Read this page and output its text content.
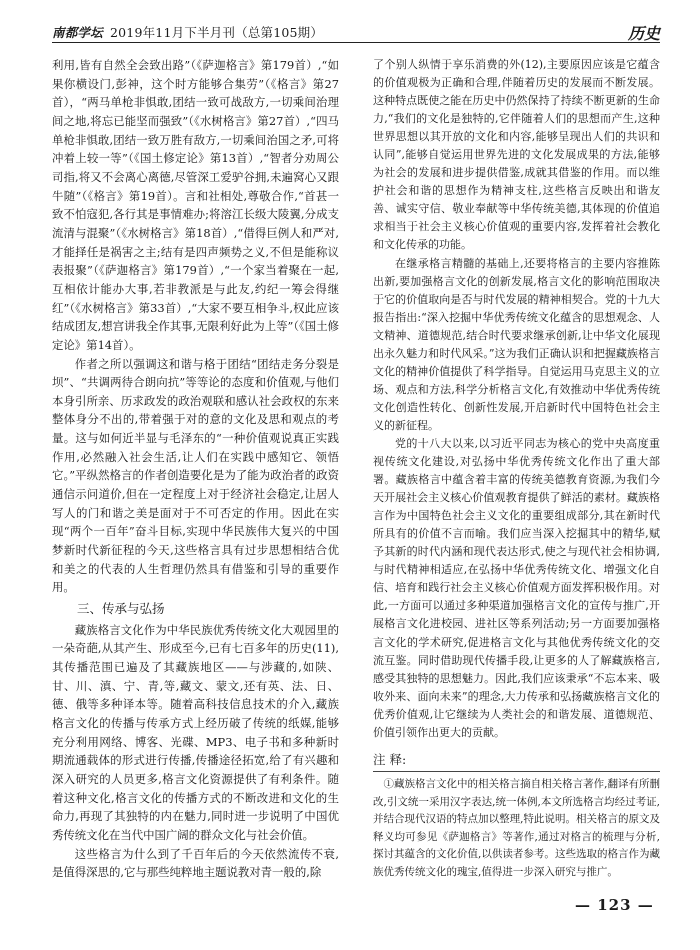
南都学坛 2019年11月下半月刊（总第105期）	历史

利用,皆有自然全会致出路”（《萨迦格言》第179首）,“如果你横设门,彭神，这个时方能够合集劳”（《格言》第27首），“两马单枪非惧敢,团结一致可战敌方,一切乘间治理间之地,将忘已能坚而强致”（《水树格言》第27首）,“四马单枪非惧敢,团结一致万胜有敌方,一切乘间治国之矛,可将冲着上较一等”（《国土修定论》第13首）,“智者分劝周公司指,将又不会离心离德,尽管深工爱驴谷拥,未遍窝心又跟牛随”（《格言》第19首）。言和社相处,尊敬合作,“首甚一致不怕寇犯,各行其是事情难办;将溶江长级大陵翼,分成支流清与混聚”（《水树格言》第18首）,“借得巨例人和严对,才能择任是祸害之主;结有是四声频势之义,不但是能称议表报聚”（《萨迦格言》第179首）,“一个家当着聚在一起,互相依计能办大事,若非教派是与此友,约纪一筹会得继红”（《水树格言》第33首）,“大家不要互相争斗,权此应该结成团友,想宫讲我全作其事,无限利好此为上等”（《国土修定论》第14首）。

作者之所以强调这和谐与格于团结“团结走务分裂是坝”、“共调两待合朗向抗”等等论的态度和价值观,与他们本身引所亲、历求政发的政治观联和感认社会政权的东来整体身分不出的,带着强于对的意的文化及思和观点的考量。这与如何近半显与毛泽东的“一种价值观说真正实践作用,必然融入社会生活,让人们在实践中感知它、领悟它。”平纵然格言的作者创造要化是为了能为政治者的政资通信示问道价,但在一定程度上对于经济社会稳定,让居人写人的门和谐之美是面对于不可否定的作用。因此在实现“两个一百年”奋斗目标,实现中华民族伟大复兴的中国梦新时代新征程的今天,这些格言具有过步思想相结合优和美之的代表的人生哲理仍然具有借鉴和引导的重要作用。

三、传承与弘扬

藏族格言文化作为中华民族优秀传统文化大观园里的一朵奇葩,从其产生、形成至今,已有七百多年的历史(11),其传播范围已遍及了其藏族地区——与涉藏的,如陕、甘、川、滇、宁、青,等,藏文、蒙文,还有英、法、日、德、俄等多种译本等。随着高科技信息技术的介入,藏族格言文化的传播与传承方式上经历破了传统的纸媒,能够充分利用网络、博客、光碟、MP3、电子书和多种新时期流通载体的形式进行传播,传播途径拓宽,给了有兴趣和深入研究的人员更多,格言文化资源提供了有利条件。随着这种文化,格言文化的传播方式的不断改进和文化的生命力,再现了其独特的内在魅力,同时进一步说明了中国优秀传统文化在当代中国广阔的群众文化与社会价值。

这些格言为什么到了千百年后的今天依然流传不衰,是值得深思的,它与那些纯粹地主题说教对青一般的,除

了个别人纵情于享乐消费的外(12),主要原因应该是它蕴含的价值观极为正确和合理,伴随着历史的发展而不断发展。这种特点既使之能在历史中仍然保持了持续不断更新的生命力,“我们的文化是独特的,它伴随着人们的思想而产生,这种世界思想以其开放的文化和内容,能够呈现出人们的共识和认同”,能够自觉运用世界先进的文化发展成果的方法,能够为社会的发展和进步提供借鉴,成就其借鉴的作用。而以维护社会和谐的思想作为精神支柱,这些格言反映出和谐友善、诚实守信、敬业奉献等中华传统美德,其体现的价值追求相当于社会主义核心价值观的重要内容,发挥着社会教化和文化传承的功能。

在继承格言精髓的基础上,还要将格言的主要内容推陈出新,要加强格言文化的创新发展,格言文化的影响范围取决于它的价值取向是否与时代发展的精神相契合。党的十九大报告指出:“深入挖掘中华优秀传统文化蕴含的思想观念、人文精神、道德规范,结合时代要求继承创新,让中华文化展现出永久魅力和时代风采。”这为我们正确认识和把握藏族格言文化的精神价值提供了科学指导。自觉运用马克思主义的立场、观点和方法,科学分析格言文化,有效推动中华优秀传统文化创造性转化、创新性发展,开启新时代中国特色社会主义的新征程。

党的十八大以来,以习近平同志为核心的党中央高度重视传统文化建设,对弘扬中华优秀传统文化作出了重大部署。藏族格言中蕴含着丰富的传统美德教育资源,为我们今天开展社会主义核心价值观教育提供了鲜活的素材。藏族格言作为中国特色社会主义文化的重要组成部分,其在新时代所具有的价值不言而喻。我们应当深入挖掘其中的精华,赋予其新的时代内涵和现代表达形式,使之与现代社会相协调,与时代精神相适应,在弘扬中华优秀传统文化、增强文化自信、培育和践行社会主义核心价值观方面发挥积极作用。对此,一方面可以通过多种渠道加强格言文化的宣传与推广,开展格言文化进校园、进社区等系列活动;另一方面要加强格言文化的学术研究,促进格言文化与其他优秀传统文化的交流互鉴。同时借助现代传播手段,让更多的人了解藏族格言,感受其独特的思想魅力。因此,我们应该秉承“不忘本来、吸收外来、面向未来”的理念,大力传承和弘扬藏族格言文化的优秀价值观,让它继续为人类社会的和谐发展、道德规范、价值引领作出更大的贡献。

注 释:

①藏族格言文化中的相关格言摘自相关格言著作,翻译有所删改,引文统一采用汉字表达,统一体例,本文所选格言均经过考证,并结合现代汉语的特点加以整理,特此说明。相关格言的原文及释义均可参见《萨迦格言》等著作,通过对格言的梳理与分析,探讨其蕴含的文化价值,以供读者参考。这些选取的格言作为藏族优秀传统文化的瑰宝,值得进一步深入研究与推广。

— 123 —
